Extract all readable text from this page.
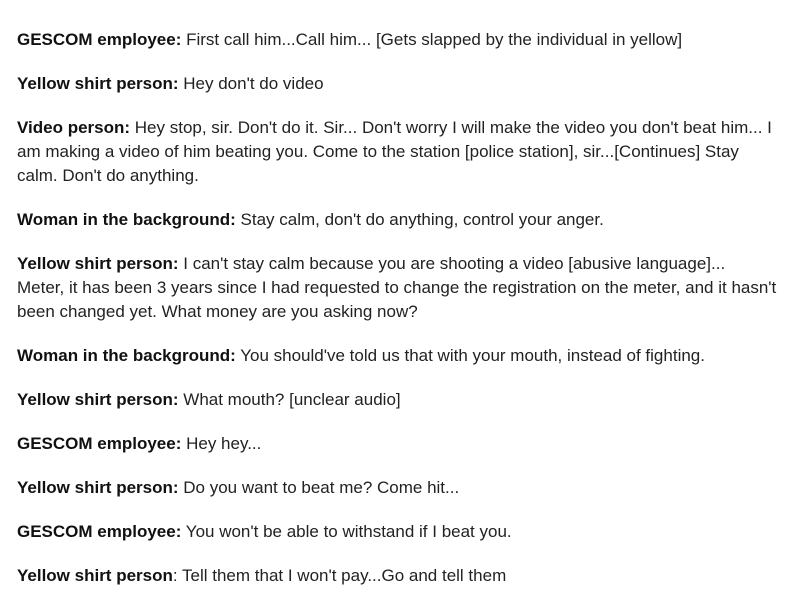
GESCOM employee: First call him...Call him... [Gets slapped by the individual in yellow]

Yellow shirt person: Hey don't do video

Video person: Hey stop, sir. Don't do it. Sir... Don't worry I will make the video you don't beat him... I am making a video of him beating you. Come to the station [police station], sir...[Continues] Stay calm. Don't do anything.

Woman in the background: Stay calm, don't do anything, control your anger.

Yellow shirt person: I can't stay calm because you are shooting a video [abusive language]... Meter, it has been 3 years since I had requested to change the registration on the meter, and it hasn't been changed yet. What money are you asking now?

Woman in the background: You should've told us that with your mouth, instead of fighting.

Yellow shirt person: What mouth? [unclear audio]

GESCOM employee: Hey hey...

Yellow shirt person: Do you want to beat me? Come hit...

GESCOM employee: You won't be able to withstand if I beat you.

Yellow shirt person: Tell them that I won't pay...Go and tell them
